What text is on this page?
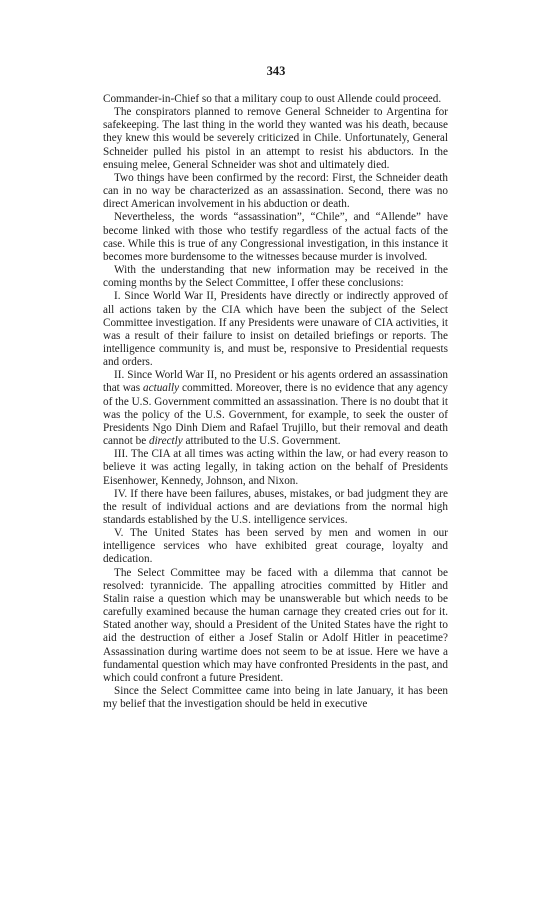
343

Commander-in-Chief so that a military coup to oust Allende could proceed.

The conspirators planned to remove General Schneider to Argentina for safekeeping. The last thing in the world they wanted was his death, because they knew this would be severely criticized in Chile. Unfortunately, General Schneider pulled his pistol in an attempt to resist his abductors. In the ensuing melee, General Schneider was shot and ultimately died.

Two things have been confirmed by the record: First, the Schneider death can in no way be characterized as an assassination. Second, there was no direct American involvement in his abduction or death.

Nevertheless, the words “assassination”, “Chile”, and “Allende” have become linked with those who testify regardless of the actual facts of the case. While this is true of any Congressional investigation, in this instance it becomes more burdensome to the witnesses because murder is involved.

With the understanding that new information may be received in the coming months by the Select Committee, I offer these conclusions:

I. Since World War II, Presidents have directly or indirectly approved of all actions taken by the CIA which have been the subject of the Select Committee investigation. If any Presidents were unaware of CIA activities, it was a result of their failure to insist on detailed briefings or reports. The intelligence community is, and must be, responsive to Presidential requests and orders.

II. Since World War II, no President or his agents ordered an assassination that was actually committed. Moreover, there is no evidence that any agency of the U.S. Government committed an assassination. There is no doubt that it was the policy of the U.S. Government, for example, to seek the ouster of Presidents Ngo Dinh Diem and Rafael Trujillo, but their removal and death cannot be directly attributed to the U.S. Government.

III. The CIA at all times was acting within the law, or had every reason to believe it was acting legally, in taking action on the behalf of Presidents Eisenhower, Kennedy, Johnson, and Nixon.

IV. If there have been failures, abuses, mistakes, or bad judgment they are the result of individual actions and are deviations from the normal high standards established by the U.S. intelligence services.

V. The United States has been served by men and women in our intelligence services who have exhibited great courage, loyalty and dedication.

The Select Committee may be faced with a dilemma that cannot be resolved: tyrannicide. The appalling atrocities committed by Hitler and Stalin raise a question which may be unanswerable but which needs to be carefully examined because the human carnage they created cries out for it. Stated another way, should a President of the United States have the right to aid the destruction of either a Josef Stalin or Adolf Hitler in peacetime? Assassination during wartime does not seem to be at issue. Here we have a fundamental question which may have confronted Presidents in the past, and which could confront a future President.

Since the Select Committee came into being in late January, it has been my belief that the investigation should be held in executive
